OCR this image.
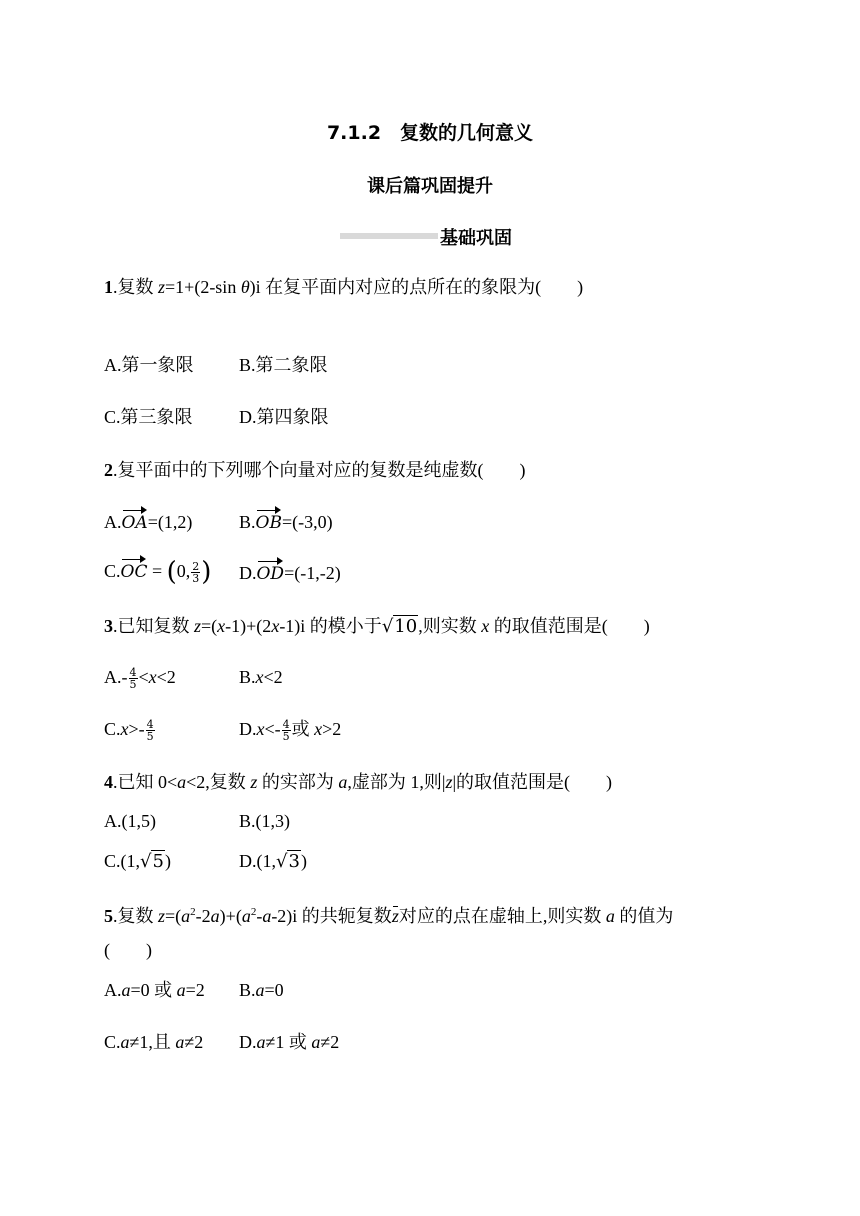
7.1.2　复数的几何意义
课后篇巩固提升
基础巩固
1.复数 z=1+(2-sin θ)i 在复平面内对应的点所在的象限为(　　)
A.第一象限	B.第二象限
C.第三象限	D.第四象限
2.复平面中的下列哪个向量对应的复数是纯虚数(　　)
A.OA=(1,2)	B.OB=(-3,0)
C.OC = (0, $\frac{2}{3}$ ) D.OD=(-1,-2)
3.已知复数 z=(x-1)+(2x-1)i 的模小于√10,则实数 x 的取值范围是(　　)
$A.- \frac{4}{5} <x<2$	B.x<2
$C.x>- \frac{4}{5}$	$D.x<- \frac{4}{5}$ 或 x>2
4.已知 0<a<2,复数 z 的实部为 a,虚部为 1,则|z|的取值范围是(　　)
A.(1,5)	B.(1,3)
C.(1,√5)	D.(1,√3)
5.复数 $z=(a^2-2a)+(a^2-a-2)i$ 的共轭复数z对应的点在虚轴上,则实数 a 的值为
(　　)
A.a=0 或 a=2 B.a=0
C.a≠1,且 a≠2 D.a≠1 或 a≠2
